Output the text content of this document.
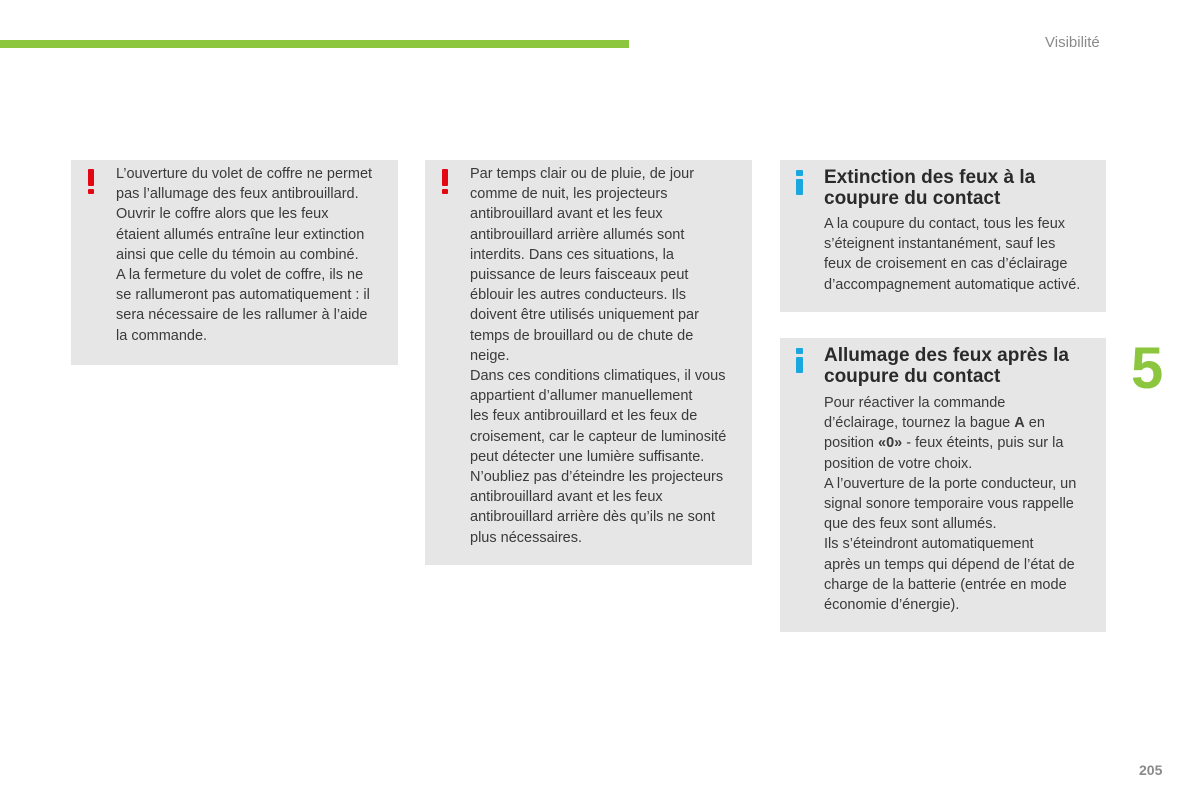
Visibilité

L’ouverture du volet de coffre ne permet

pas l’allumage des feux antibrouillard.

Ouvrir le coffre alors que les feux

étaient allumés entraîne leur extinction

ainsi que celle du témoin au combiné.

A la fermeture du volet de coffre, ils ne

se rallumeront pas automatiquement : il

sera nécessaire de les rallumer à l’aide

la commande.

Par temps clair ou de pluie, de jour

comme de nuit, les projecteurs

antibrouillard avant et les feux

antibrouillard arrière allumés sont

interdits. Dans ces situations, la

puissance de leurs faisceaux peut

éblouir les autres conducteurs. Ils

doivent être utilisés uniquement par

temps de brouillard ou de chute de

neige.

Dans ces conditions climatiques, il vous

appartient d’allumer manuellement

les feux antibrouillard et les feux de

croisement, car le capteur de luminosité

peut détecter une lumière suffisante.

N’oubliez pas d’éteindre les projecteurs

antibrouillard avant et les feux

antibrouillard arrière dès qu’ils ne sont

plus nécessaires.

Extinction des feux à la
coupure du contact

A la coupure du contact, tous les feux

s’éteignent instantanément, sauf les

feux de croisement en cas d’éclairage

d’accompagnement automatique activé.

Allumage des feux après la
coupure du contact

Pour réactiver la commande

d’éclairage, tournez la bague A en

position «0» - feux éteints, puis sur la

position de votre choix.

A l’ouverture de la porte conducteur, un

signal sonore temporaire vous rappelle

que des feux sont allumés.

Ils s’éteindront automatiquement

après un temps qui dépend de l’état de

charge de la batterie (entrée en mode

économie d’énergie).

5
205
